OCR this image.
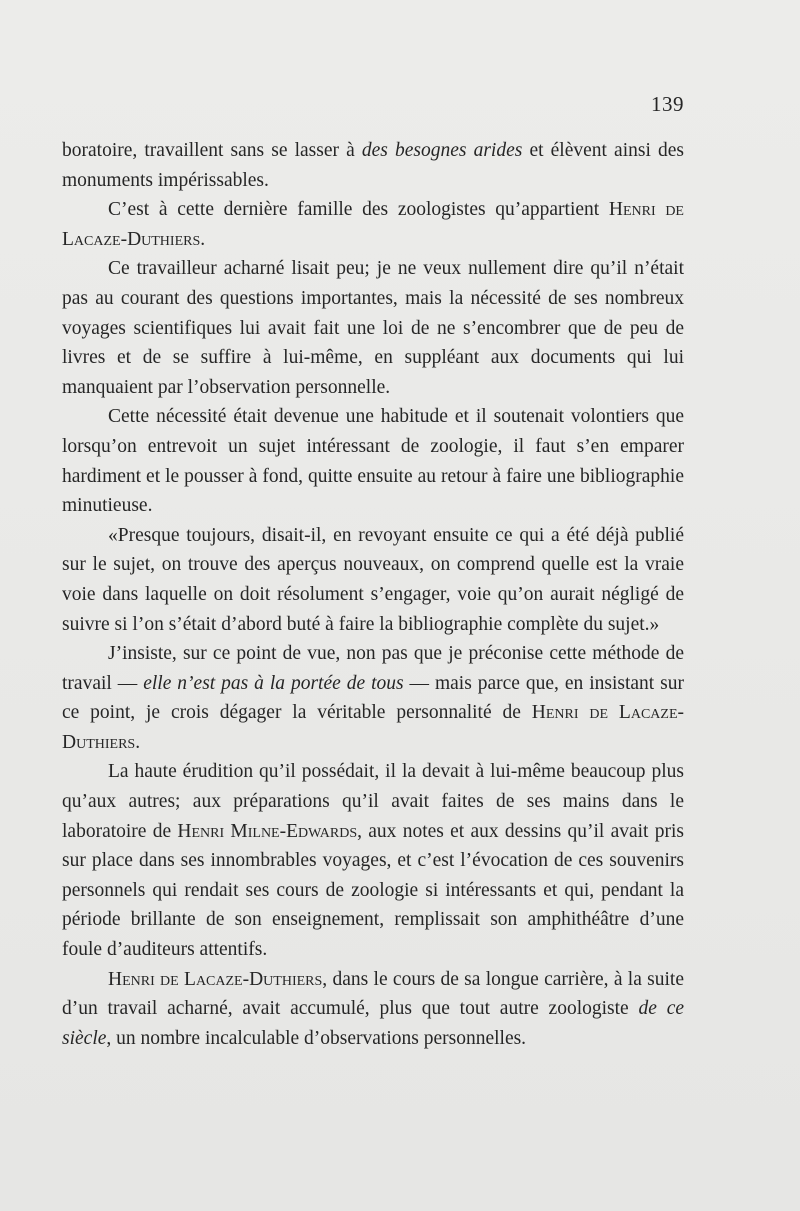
139

boratoire, travaillent sans se lasser à des besognes arides et élèvent ainsi des monuments impérissables.

C’est à cette dernière famille des zoologistes qu’appartient Henri de Lacaze-Duthiers.

Ce travailleur acharné lisait peu; je ne veux nullement dire qu’il n’était pas au courant des questions importantes, mais la nécessité de ses nombreux voyages scientifiques lui avait fait une loi de ne s’encombrer que de peu de livres et de se suffire à lui-même, en suppléant aux documents qui lui manquaient par l’observation personnelle.

Cette nécessité était devenue une habitude et il soutenait volontiers que lorsqu’on entrevoit un sujet intéressant de zoologie, il faut s’en emparer hardiment et le pousser à fond, quitte ensuite au retour à faire une bibliographie minutieuse.

«Presque toujours, disait-il, en revoyant ensuite ce qui a été déjà publié sur le sujet, on trouve des aperçus nouveaux, on comprend quelle est la vraie voie dans laquelle on doit résolument s’engager, voie qu’on aurait négligé de suivre si l’on s’était d’abord buté à faire la bibliographie complète du sujet.»

J’insiste, sur ce point de vue, non pas que je préconise cette méthode de travail — elle n’est pas à la portée de tous — mais parce que, en insistant sur ce point, je crois dégager la véritable personnalité de Henri de Lacaze-Duthiers.

La haute érudition qu’il possédait, il la devait à lui-même beaucoup plus qu’aux autres; aux préparations qu’il avait faites de ses mains dans le laboratoire de Henri Milne-Edwards, aux notes et aux dessins qu’il avait pris sur place dans ses innombrables voyages, et c’est l’évocation de ces souvenirs personnels qui rendait ses cours de zoologie si intéressants et qui, pendant la période brillante de son enseignement, remplissait son amphithéâtre d’une foule d’auditeurs attentifs.

Henri de Lacaze-Duthiers, dans le cours de sa longue carrière, à la suite d’un travail acharné, avait accumulé, plus que tout autre zoologiste de ce siècle, un nombre incalculable d’observations personnelles.
